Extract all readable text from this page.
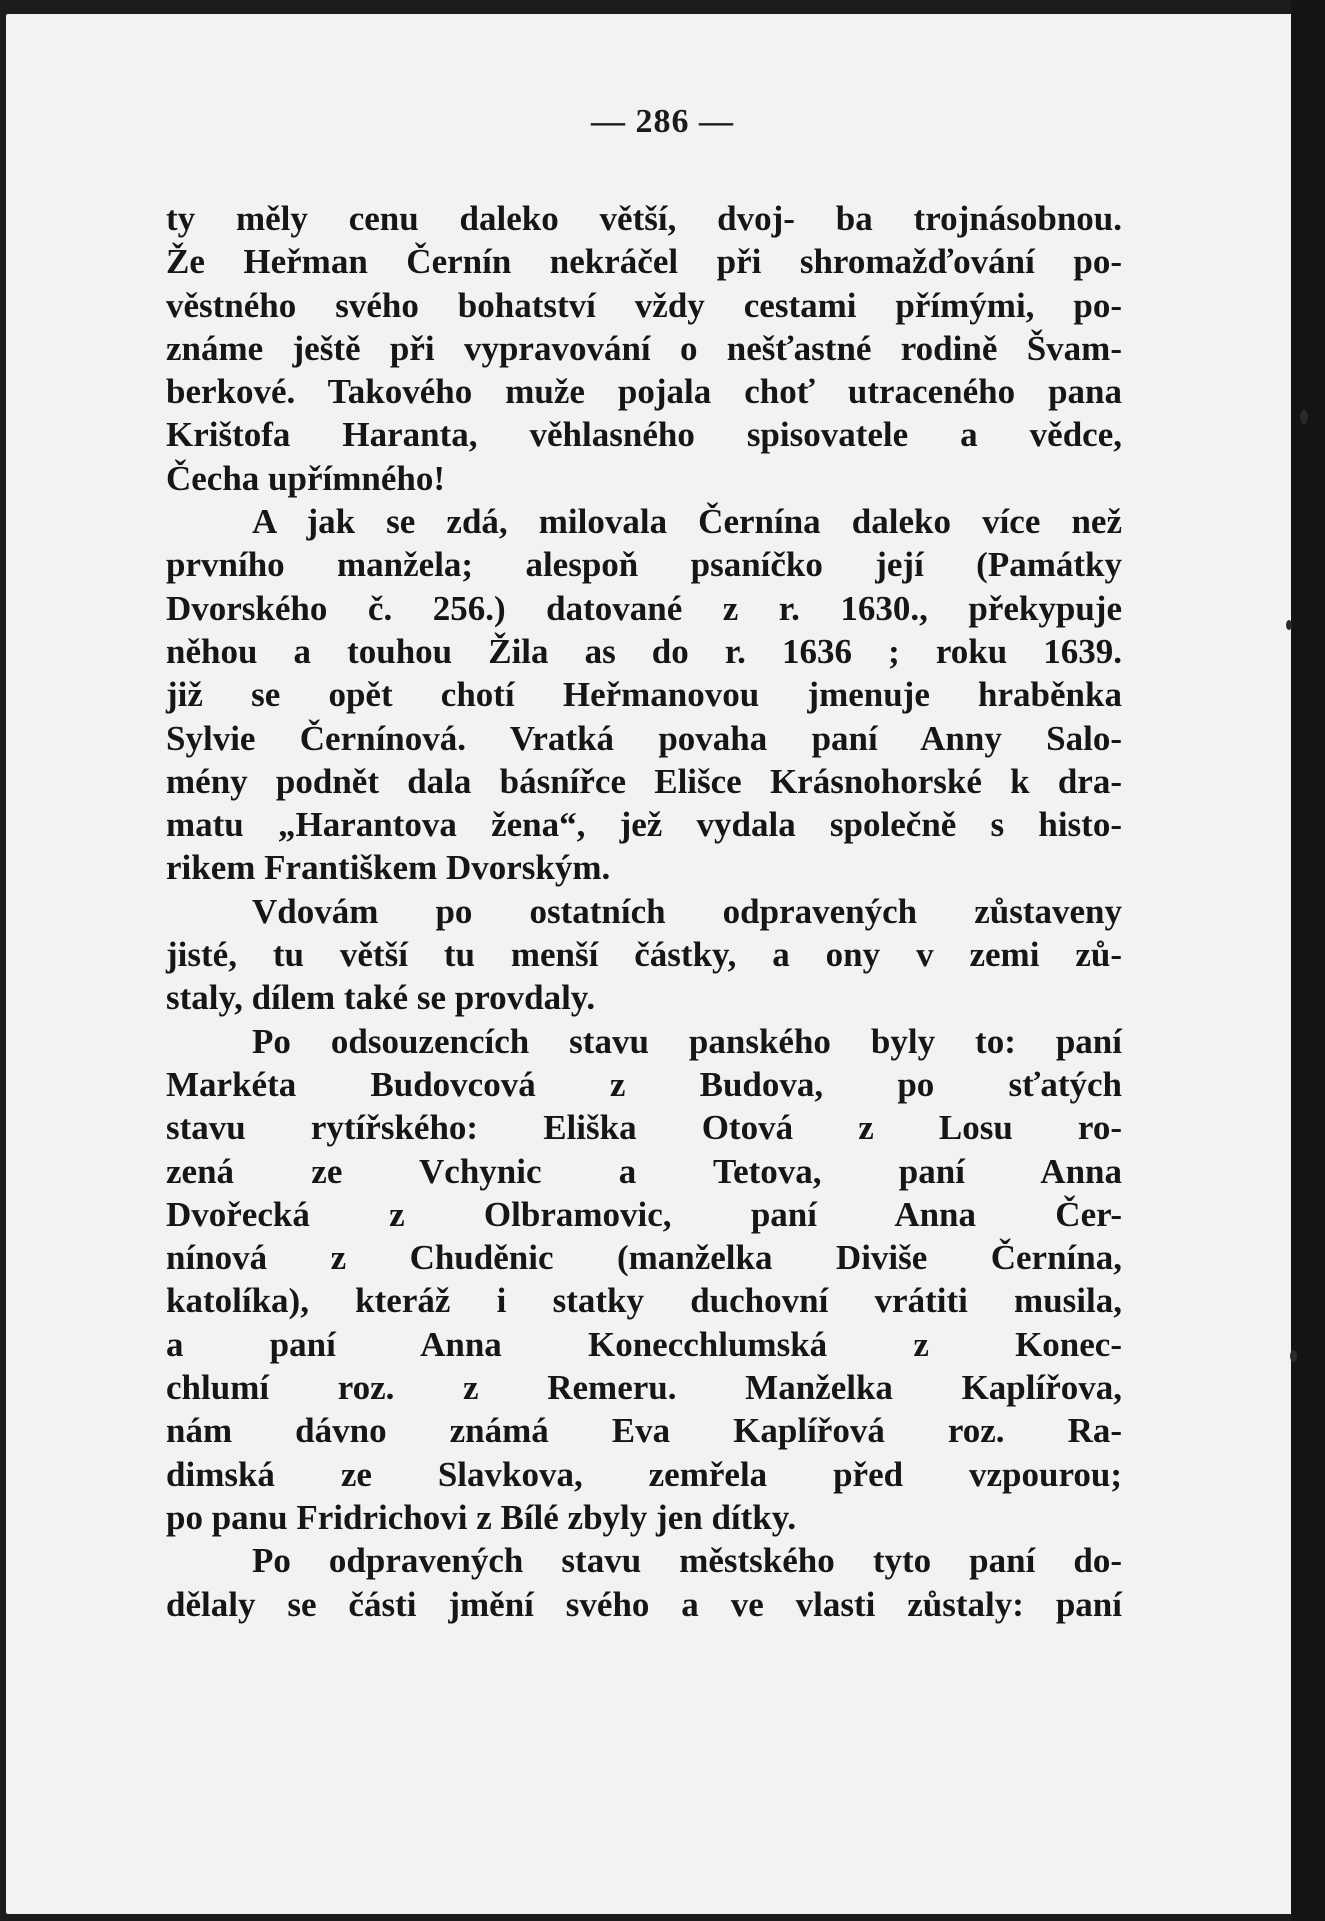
— 286 —
ty měly cenu daleko větší, dvoj- ba trojnásobnou.
Že Heřman Černín nekráčel při shromažďování po-
věstného svého bohatství vždy cestami přímými, po-
známe ještě při vypravování o nešťastné rodině Švam-
berkové. Takového muže pojala choť utraceného pana
Krištofa Haranta, věhlasného spisovatele a vědce,
Čecha upřímného!
A jak se zdá, milovala Černína daleko více než
prvního manžela; alespoň psaníčko její (Památky
Dvorského č. 256.) datované z r. 1630., překypuje
něhou a touhou Žila as do r. 1636 ; roku 1639.
již se opět chotí Heřmanovou jmenuje hraběnka
Sylvie Černínová. Vratká povaha paní Anny Salo-
mény podnět dala básnířce Elišce Krásnohorské k dra-
matu „Harantova žena“, jež vydala společně s histo-
rikem Františkem Dvorským.
Vdovám po ostatních odpravených zůstaveny
jisté, tu větší tu menší částky, a ony v zemi zů-
staly, dílem také se provdaly.
Po odsouzencích stavu panského byly to: paní
Markéta Budovcová z Budova, po sťatých
stavu rytířského: Eliška Otová z Losu ro-
zená ze Vchynic a Tetova, paní Anna
Dvořecká z Olbramovic, paní Anna Čer-
nínová z Chuděnic (manželka Diviše Černína,
katolíka), kteráž i statky duchovní vrátiti musila,
a paní Anna Konecchlumská z Konec-
chlumí roz. z Remeru. Manželka Kaplířova,
nám dávno známá Eva Kaplířová roz. Ra-
dimská ze Slavkova, zemřela před vzpourou;
po panu Fridrichovi z Bílé zbyly jen dítky.
Po odpravených stavu městského tyto paní do-
dělaly se části jmění svého a ve vlasti zůstaly: paní
